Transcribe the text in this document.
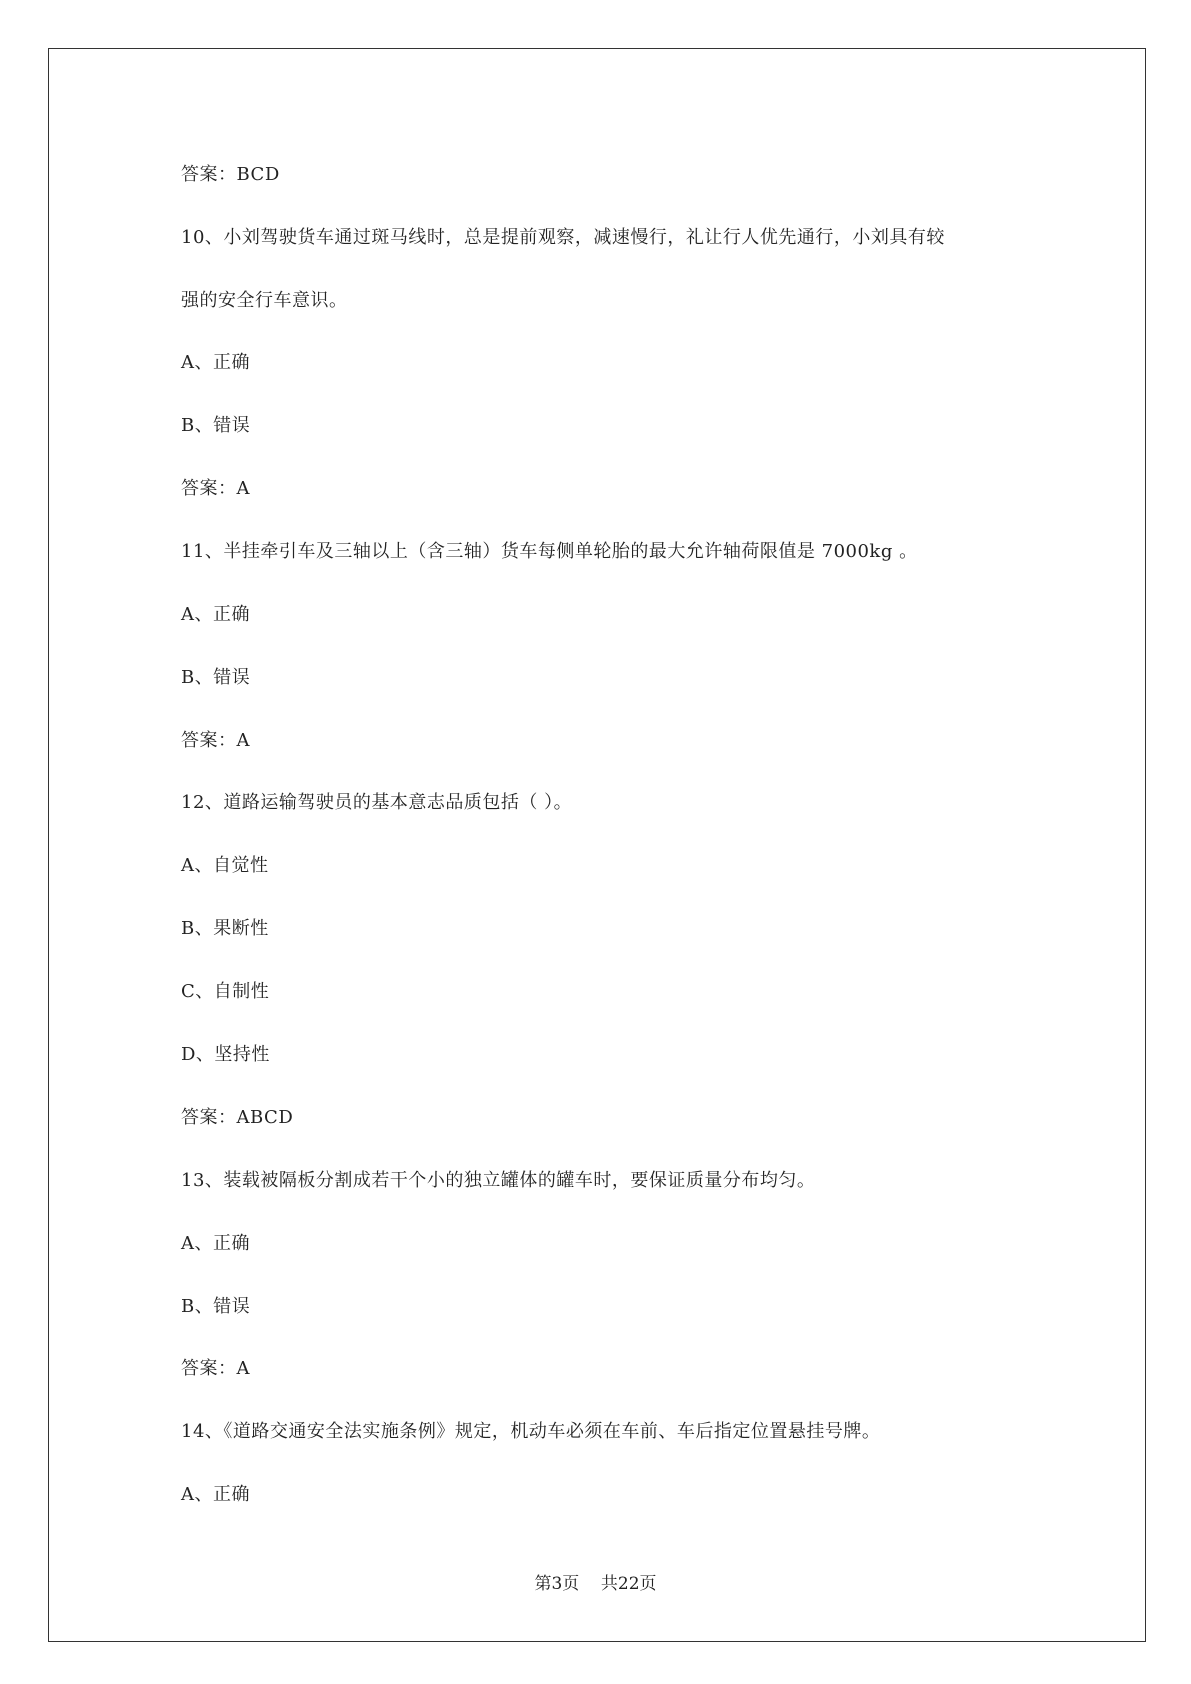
答案：BCD
10、小刘驾驶货车通过斑马线时，总是提前观察，减速慢行，礼让行人优先通行，小刘具有较
强的安全行车意识。
A、正确
B、错误
答案：A
11、半挂牵引车及三轴以上（含三轴）货车每侧单轮胎的最大允许轴荷限值是 7000kg 。
A、正确
B、错误
答案：A
12、道路运输驾驶员的基本意志品质包括（ ）。
A、自觉性
B、果断性
C、自制性
D、坚持性
答案：ABCD
13、装载被隔板分割成若干个小的独立罐体的罐车时，要保证质量分布均匀。
A、正确
B、错误
答案：A
14、《道路交通安全法实施条例》规定，机动车必须在车前、车后指定位置悬挂号牌。
A、正确
第3页    共22页
